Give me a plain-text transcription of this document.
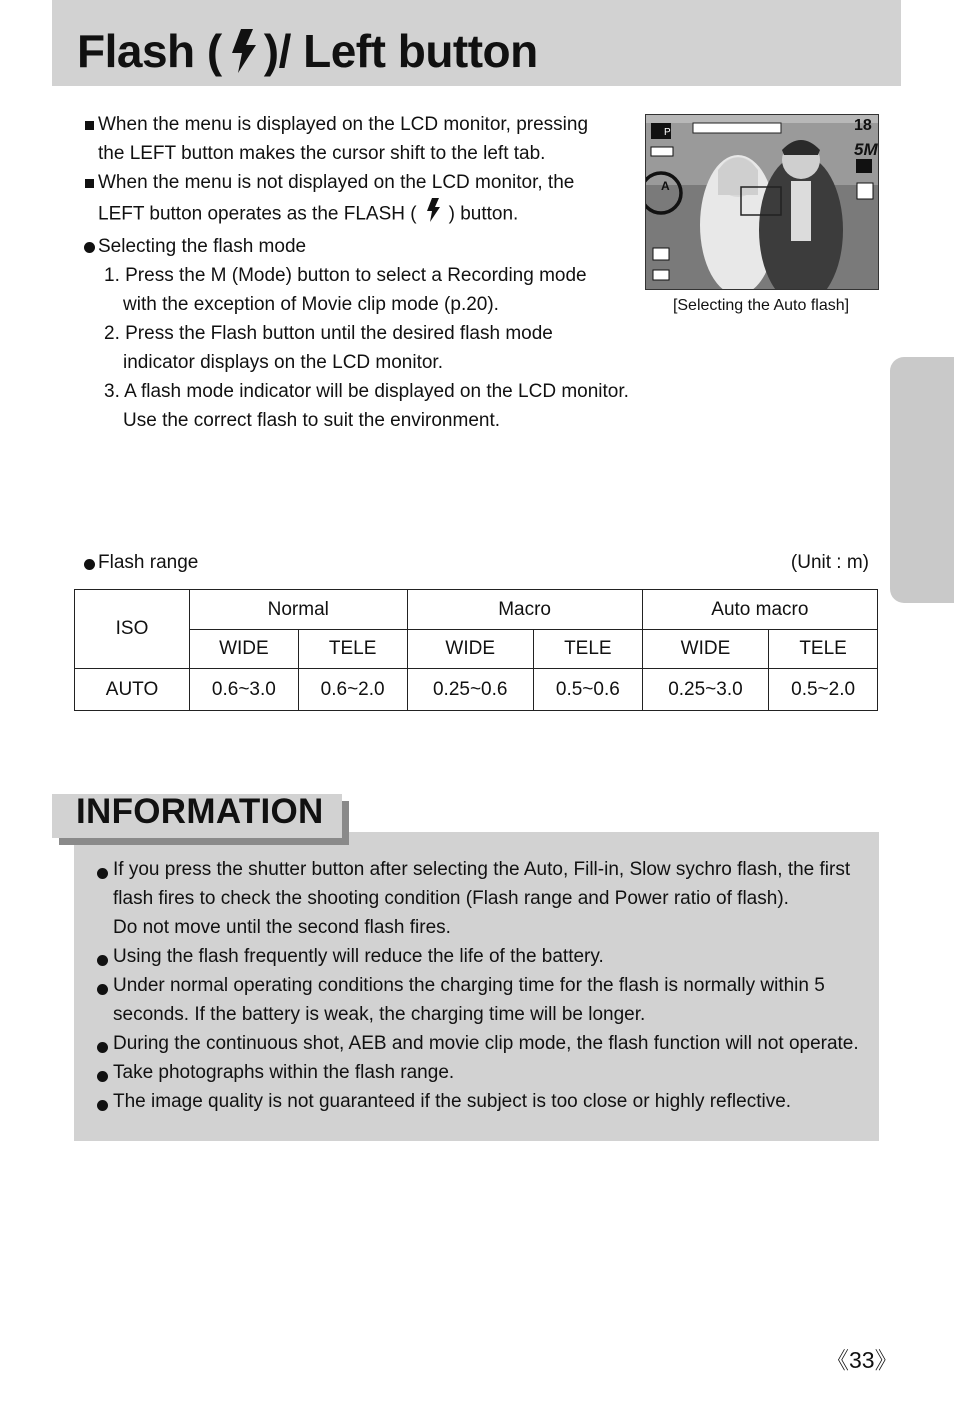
Flash ( )/ Left button
When the menu is displayed on the LCD monitor, pressing
the LEFT button makes the cursor shift to the left tab.
When the menu is not displayed on the LCD monitor, the
LEFT button operates as the FLASH ( ) button.
Selecting the flash mode
1. Press the M (Mode) button to select a Recording mode
with the exception of Movie clip mode (p.20).
2. Press the Flash button until the desired flash mode
indicator displays on the LCD monitor.
3. A flash mode indicator will be displayed on the LCD monitor.
Use the correct flash to suit the environment.
P	18
5M
A
[Selecting the Auto flash]
Flash range	(Unit : m)
ISO	Normal		Macro		Auto macro	
	WIDE	TELE	WIDE	TELE	WIDE	TELE
AUTO	0.6~3.0	0.6~2.0	0.25~0.6	0.5~0.6	0.25~3.0	0.5~2.0
INFORMATION
If you press the shutter button after selecting the Auto, Fill-in, Slow sychro flash, the first
flash fires to check the shooting condition (Flash range and Power ratio of flash).
Do not move until the second flash fires.
Using the flash frequently will reduce the life of the battery.
Under normal operating conditions the charging time for the flash is normally within 5
seconds. If the battery is weak, the charging time will be longer.
During the continuous shot, AEB and movie clip mode, the flash function will not operate.
Take photographs within the flash range.
The image quality is not guaranteed if the subject is too close or highly reflective.
《33》
